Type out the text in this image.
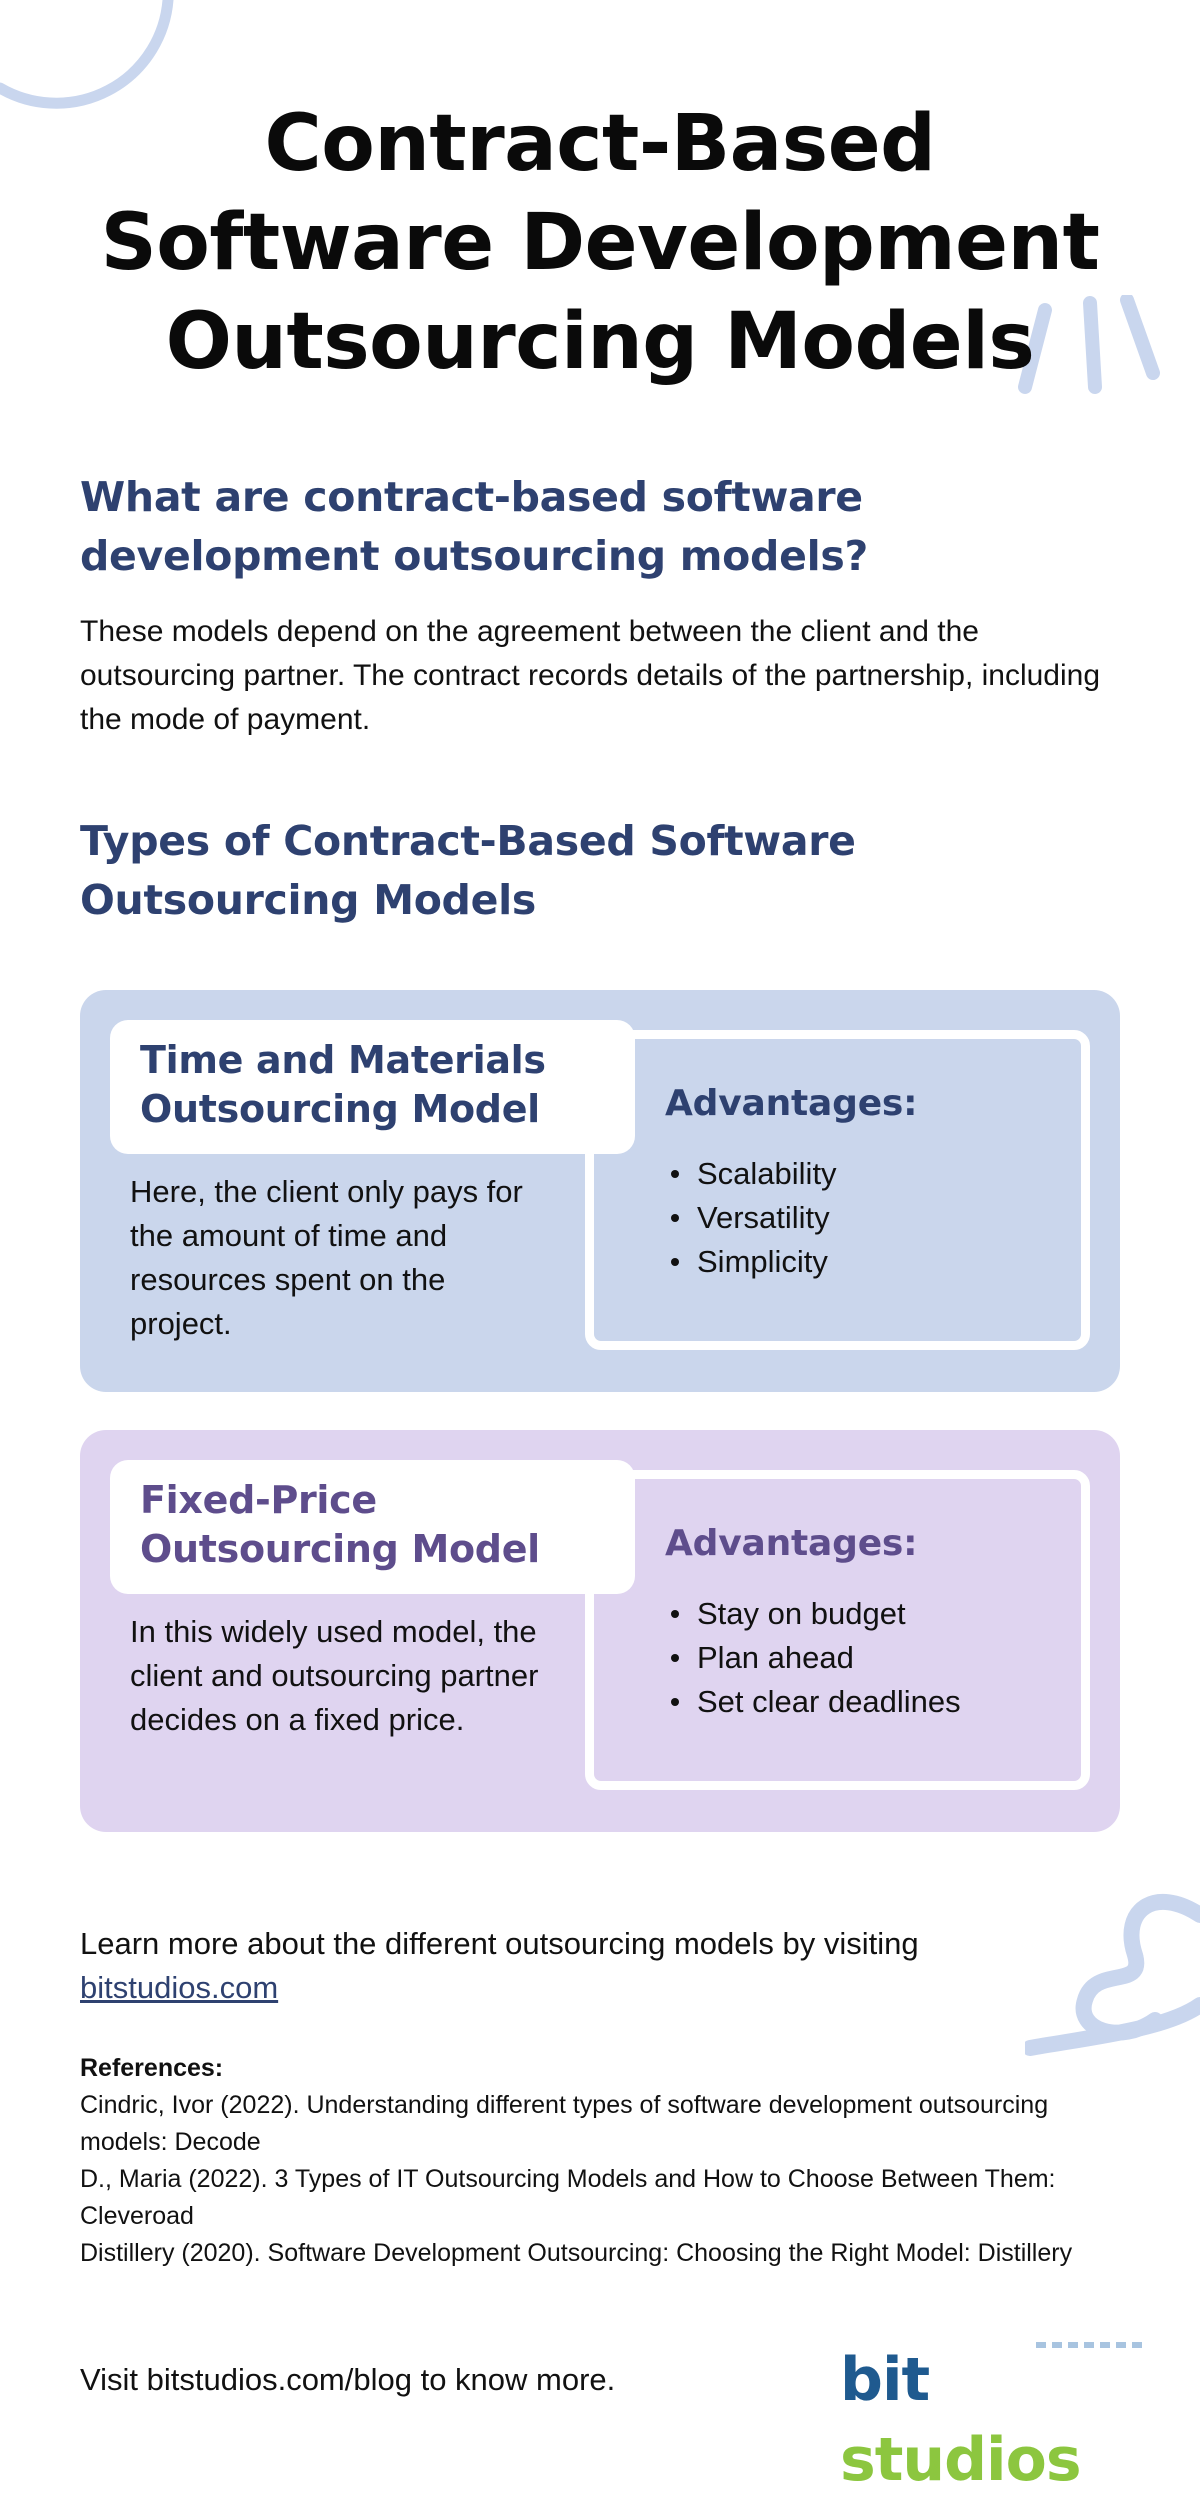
Contract-Based Software Development Outsourcing Models
What are contract-based software development outsourcing models?

These models depend on the agreement between the client and the outsourcing partner. The contract records details of the partnership, including the mode of payment.

Types of Contract-Based Software Outsourcing Models
Time and Materials Outsourcing Model

Here, the client only pays for the amount of time and resources spent on the project.

Advantages:
Scalability
Versatility
Simplicity
Fixed-Price Outsourcing Model

In this widely used model, the client and outsourcing partner decides on a fixed price.

Advantages:
Stay on budget
Plan ahead
Set clear deadlines

Learn more about the different outsourcing models by visiting
bitstudios.com

References:
Cindric, Ivor (2022). Understanding different types of software development outsourcing models: Decode
D., Maria (2022). 3 Types of IT Outsourcing Models and How to Choose Between Them: Cleveroad
Distillery (2020). Software Development Outsourcing: Choosing the Right Model: Distillery

Visit bitstudios.com/blog to know more.	bit studios
